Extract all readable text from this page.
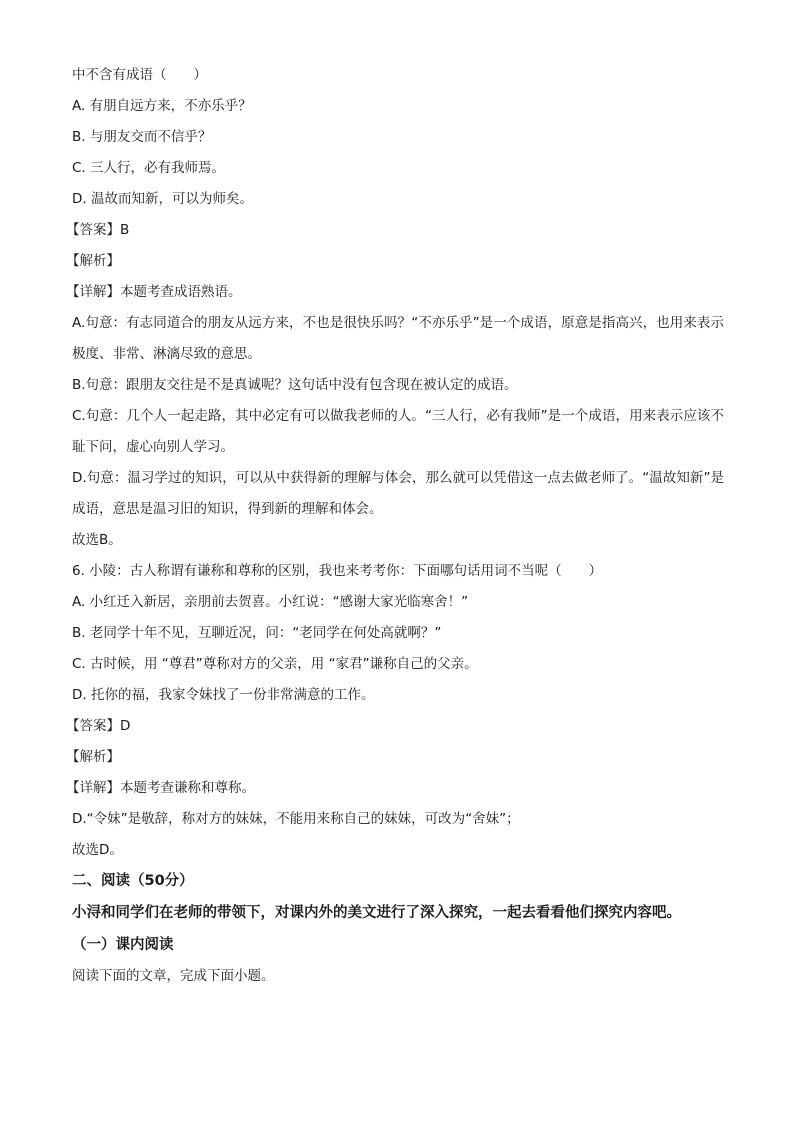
中不含有成语（　　）
A. 有朋自远方来，不亦乐乎？
B. 与朋友交而不信乎？
C. 三人行，必有我师焉。
D. 温故而知新，可以为师矣。
【答案】B
【解析】
【详解】本题考查成语熟语。
A.句意：有志同道合的朋友从远方来，不也是很快乐吗？“不亦乐乎”是一个成语，原意是指高兴，也用来表示极度、非常、淋漓尽致的意思。
B.句意：跟朋友交往是不是真诚呢？这句话中没有包含现在被认定的成语。
C.句意：几个人一起走路，其中必定有可以做我老师的人。“三人行，必有我师”是一个成语，用来表示应该不耻下问，虚心向别人学习。
D.句意：温习学过的知识，可以从中获得新的理解与体会，那么就可以凭借这一点去做老师了。“温故知新”是成语，意思是温习旧的知识，得到新的理解和体会。
故选B。
6. 小陵：古人称谓有谦称和尊称的区别，我也来考考你：下面哪句话用词不当呢（　　）
A. 小红迁入新居，亲朋前去贺喜。小红说：“感谢大家光临寒舍！”
B. 老同学十年不见，互聊近况，问：“老同学在何处高就啊？”
C. 古时候，用 “尊君”尊称对方的父亲，用 “家君”谦称自己的父亲。
D. 托你的福，我家令妹找了一份非常满意的工作。
【答案】D
【解析】
【详解】本题考查谦称和尊称。
D.“令妹”是敬辞，称对方的妹妹，不能用来称自己的妹妹，可改为“舍妹”；
故选D。
二、阅读（50分）
小浔和同学们在老师的带领下，对课内外的美文进行了深入探究，一起去看看他们探究内容吧。
（一）课内阅读
阅读下面的文章，完成下面小题。
